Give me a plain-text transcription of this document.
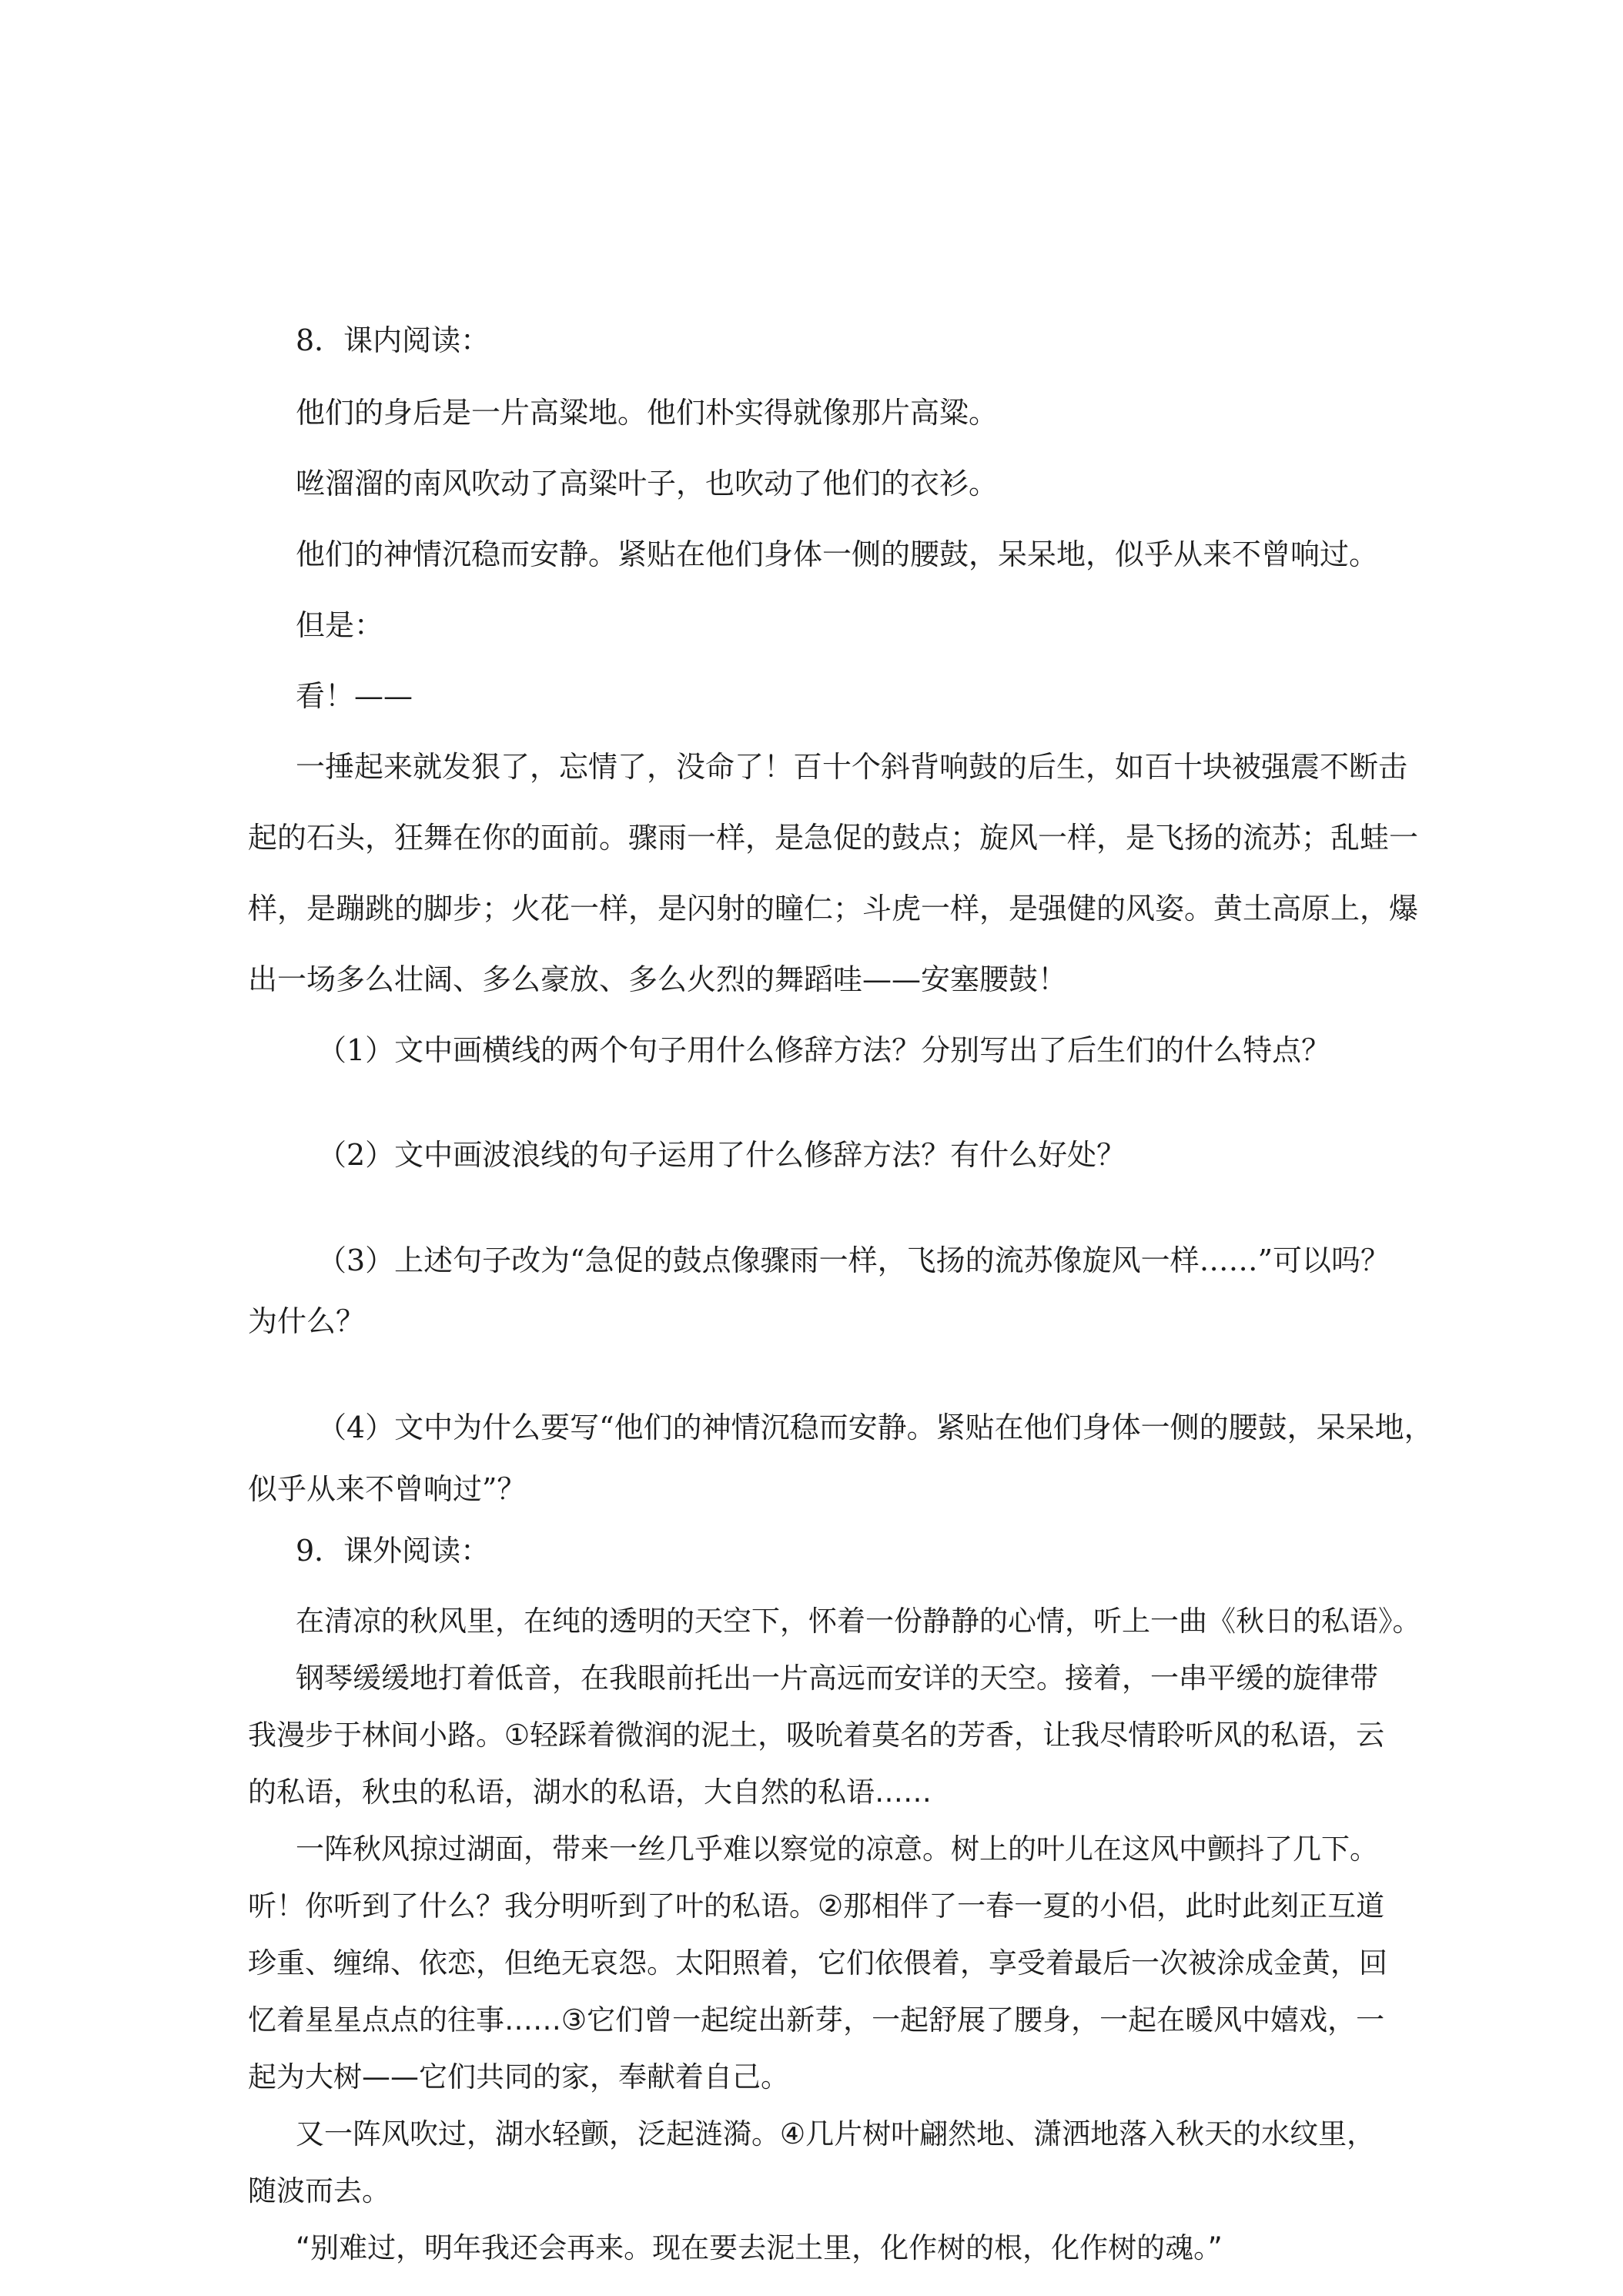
8．课内阅读：

他们的身后是一片高粱地。他们朴实得就像那片高粱。

咝溜溜的南风吹动了高粱叶子，也吹动了他们的衣衫。

他们的神情沉稳而安静。紧贴在他们身体一侧的腰鼓，呆呆地，似乎从来不曾响过。

但是：

看！——

一捶起来就发狠了，忘情了，没命了！百十个斜背响鼓的后生，如百十块被强震不断击

起的石头，狂舞在你的面前。骤雨一样，是急促的鼓点；旋风一样，是飞扬的流苏；乱蛙一

样，是蹦跳的脚步；火花一样，是闪射的瞳仁；斗虎一样，是强健的风姿。黄土高原上，爆

出一场多么壮阔、多么豪放、多么火烈的舞蹈哇——安塞腰鼓！

（1）文中画横线的两个句子用什么修辞方法？分别写出了后生们的什么特点？

（2）文中画波浪线的句子运用了什么修辞方法？有什么好处？

（3）上述句子改为“急促的鼓点像骤雨一样，飞扬的流苏像旋风一样……”可以吗？

为什么？

（4）文中为什么要写“他们的神情沉稳而安静。紧贴在他们身体一侧的腰鼓，呆呆地，

似乎从来不曾响过”？

9．课外阅读：

在清凉的秋风里，在纯的透明的天空下，怀着一份静静的心情，听上一曲《秋日的私语》。

钢琴缓缓地打着低音，在我眼前托出一片高远而安详的天空。接着，一串平缓的旋律带

我漫步于林间小路。①轻踩着微润的泥土，吸吮着莫名的芳香，让我尽情聆听风的私语，云

的私语，秋虫的私语，湖水的私语，大自然的私语……

一阵秋风掠过湖面，带来一丝几乎难以察觉的凉意。树上的叶儿在这风中颤抖了几下。

听！你听到了什么？我分明听到了叶的私语。②那相伴了一春一夏的小侣，此时此刻正互道

珍重、缠绵、依恋，但绝无哀怨。太阳照着，它们依偎着，享受着最后一次被涂成金黄，回

忆着星星点点的往事……③它们曾一起绽出新芽，一起舒展了腰身，一起在暖风中嬉戏，一

起为大树——它们共同的家，奉献着自己。

又一阵风吹过，湖水轻颤，泛起涟漪。④几片树叶翩然地、潇洒地落入秋天的水纹里，

随波而去。

“别难过，明年我还会再来。现在要去泥土里，化作树的根，化作树的魂。”
